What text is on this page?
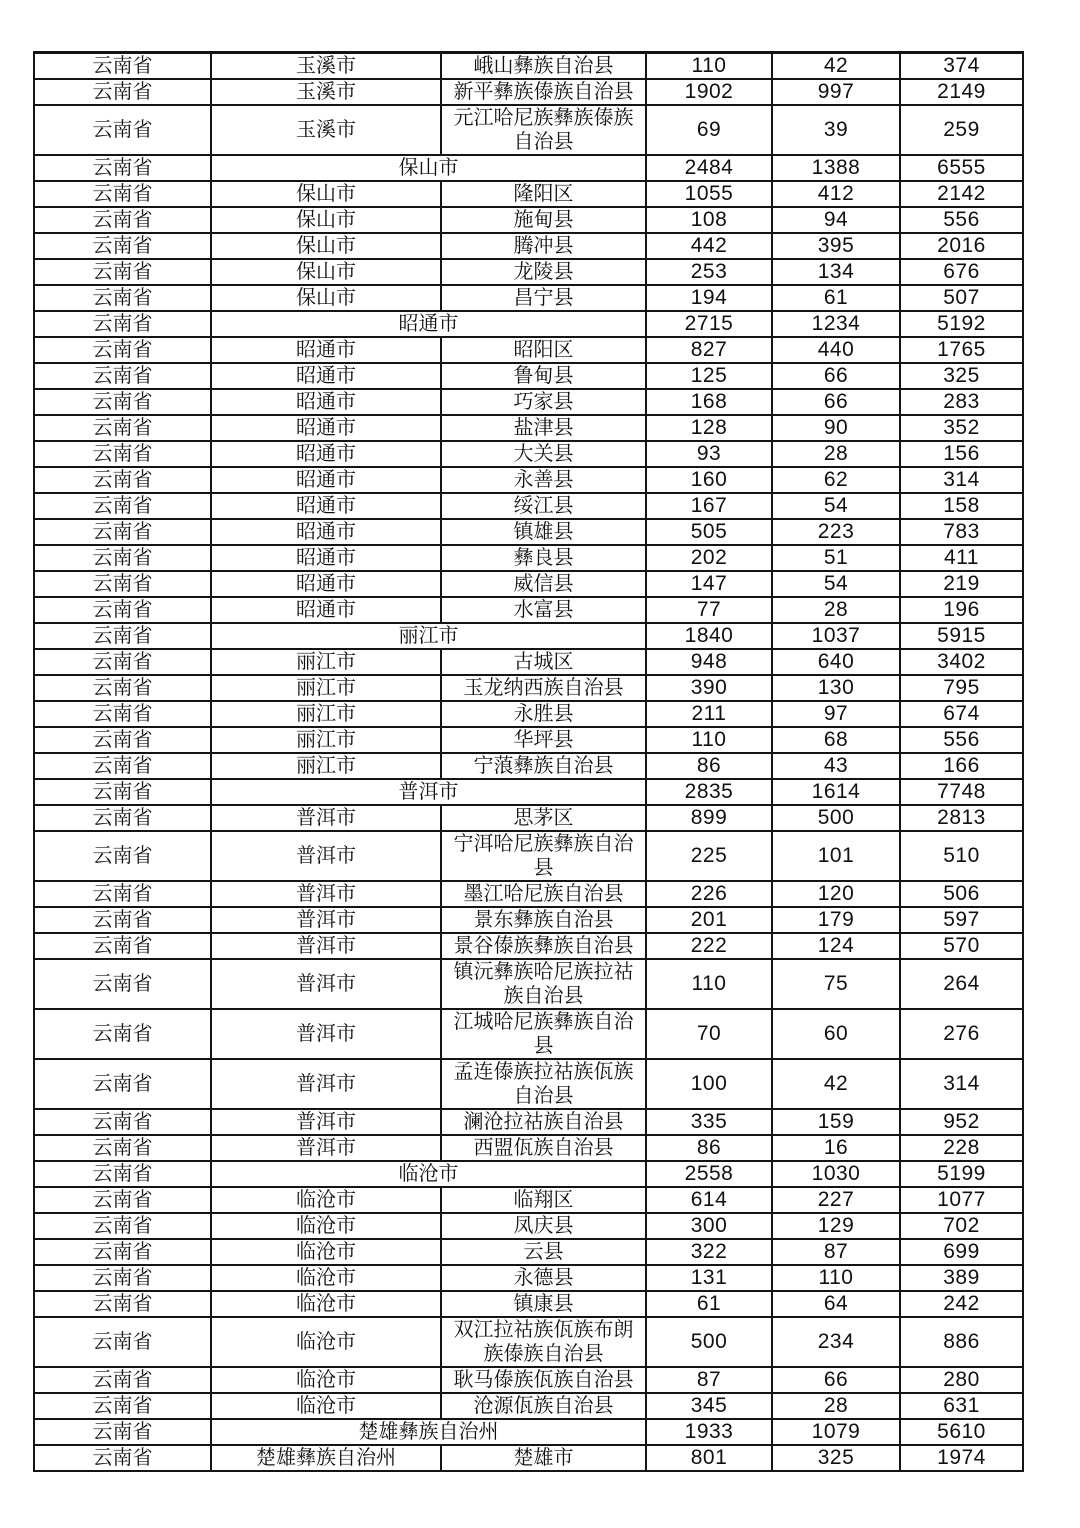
云南省	玉溪市	峨山彝族自治县	110	42	374
云南省	玉溪市	新平彝族傣族自治县	1902	997	2149
云南省	玉溪市	元江哈尼族彝族傣族
自治县	69	39	259
云南省	保山市		2484	1388	6555
云南省	保山市	隆阳区	1055	412	2142
云南省	保山市	施甸县	108	94	556
云南省	保山市	腾冲县	442	395	2016
云南省	保山市	龙陵县	253	134	676
云南省	保山市	昌宁县	194	61	507
云南省	昭通市		2715	1234	5192
云南省	昭通市	昭阳区	827	440	1765
云南省	昭通市	鲁甸县	125	66	325
云南省	昭通市	巧家县	168	66	283
云南省	昭通市	盐津县	128	90	352
云南省	昭通市	大关县	93	28	156
云南省	昭通市	永善县	160	62	314
云南省	昭通市	绥江县	167	54	158
云南省	昭通市	镇雄县	505	223	783
云南省	昭通市	彝良县	202	51	411
云南省	昭通市	威信县	147	54	219
云南省	昭通市	水富县	77	28	196
云南省	丽江市		1840	1037	5915
云南省	丽江市	古城区	948	640	3402
云南省	丽江市	玉龙纳西族自治县	390	130	795
云南省	丽江市	永胜县	211	97	674
云南省	丽江市	华坪县	110	68	556
云南省	丽江市	宁蒗彝族自治县	86	43	166
云南省	普洱市		2835	1614	7748
云南省	普洱市	思茅区	899	500	2813
云南省	普洱市	宁洱哈尼族彝族自治
县	225	101	510
云南省	普洱市	墨江哈尼族自治县	226	120	506
云南省	普洱市	景东彝族自治县	201	179	597
云南省	普洱市	景谷傣族彝族自治县	222	124	570
云南省	普洱市	镇沅彝族哈尼族拉祜
族自治县	110	75	264
云南省	普洱市	江城哈尼族彝族自治
县	70	60	276
云南省	普洱市	孟连傣族拉祜族佤族
自治县	100	42	314
云南省	普洱市	澜沧拉祜族自治县	335	159	952
云南省	普洱市	西盟佤族自治县	86	16	228
云南省	临沧市		2558	1030	5199
云南省	临沧市	临翔区	614	227	1077
云南省	临沧市	凤庆县	300	129	702
云南省	临沧市	云县	322	87	699
云南省	临沧市	永德县	131	110	389
云南省	临沧市	镇康县	61	64	242
云南省	临沧市	双江拉祜族佤族布朗
族傣族自治县	500	234	886
云南省	临沧市	耿马傣族佤族自治县	87	66	280
云南省	临沧市	沧源佤族自治县	345	28	631
云南省	楚雄彝族自治州		1933	1079	5610
云南省	楚雄彝族自治州	楚雄市	801	325	1974
